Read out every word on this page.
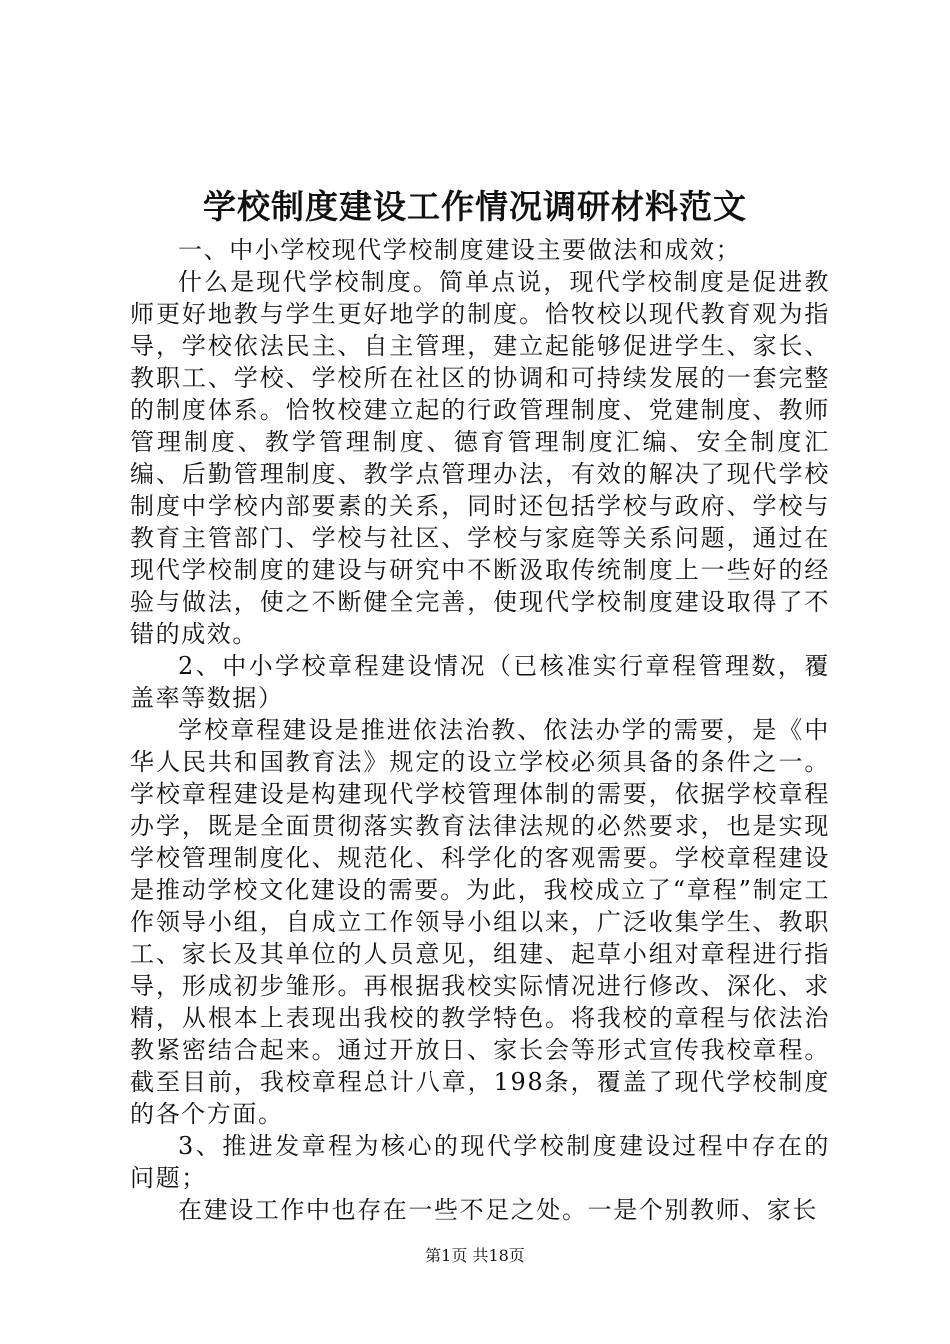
学校制度建设工作情况调研材料范文

一、中小学校现代学校制度建设主要做法和成效；

什么是现代学校制度。简单点说，现代学校制度是促进教师更好地教与学生更好地学的制度。恰牧校以现代教育观为指导，学校依法民主、自主管理，建立起能够促进学生、家长、教职工、学校、学校所在社区的协调和可持续发展的一套完整的制度体系。恰牧校建立起的行政管理制度、党建制度、教师管理制度、教学管理制度、德育管理制度汇编、安全制度汇编、后勤管理制度、教学点管理办法，有效的解决了现代学校制度中学校内部要素的关系，同时还包括学校与政府、学校与教育主管部门、学校与社区、学校与家庭等关系问题，通过在现代学校制度的建设与研究中不断汲取传统制度上一些好的经验与做法，使之不断健全完善，使现代学校制度建设取得了不错的成效。

2、中小学校章程建设情况（已核准实行章程管理数，覆盖率等数据）

学校章程建设是推进依法治教、依法办学的需要，是《中华人民共和国教育法》规定的设立学校必须具备的条件之一。学校章程建设是构建现代学校管理体制的需要，依据学校章程办学，既是全面贯彻落实教育法律法规的必然要求，也是实现学校管理制度化、规范化、科学化的客观需要。学校章程建设是推动学校文化建设的需要。为此，我校成立了“章程”制定工作领导小组，自成立工作领导小组以来，广泛收集学生、教职工、家长及其单位的人员意见，组建、起草小组对章程进行指导，形成初步雏形。再根据我校实际情况进行修改、深化、求精，从根本上表现出我校的教学特色。将我校的章程与依法治教紧密结合起来。通过开放日、家长会等形式宣传我校章程。截至目前，我校章程总计八章，198条，覆盖了现代学校制度的各个方面。

3、推进发章程为核心的现代学校制度建设过程中存在的问题；

在建设工作中也存在一些不足之处。一是个别教师、家长

第1页 共18页
